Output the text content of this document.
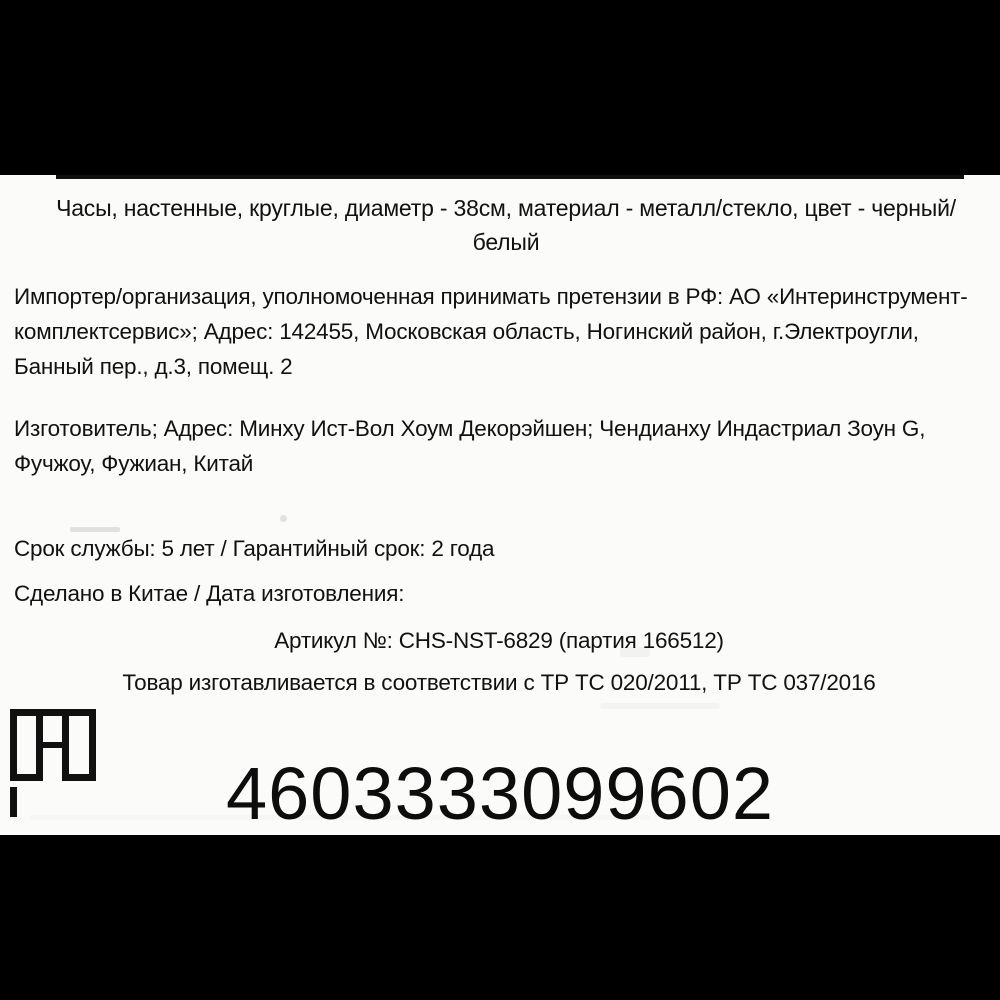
Часы, настенные, круглые, диаметр - 38см, материал - металл/стекло, цвет - черный/белый
Импортер/организация, уполномоченная принимать претензии в РФ: АО «Интеринструмент-комплектсервис»; Адрес: 142455, Московская область, Ногинский район, г.Электроугли, Банный пер., д.3, помещ. 2
Изготовитель; Адрес: Минху Ист-Вол Хоум Декорэйшен; Чендианху Индастриал Зоун G, Фучжоу, Фужиан, Китай
Срок службы: 5 лет / Гарантийный срок: 2 года
Сделано в Китае / Дата изготовления:
Артикул №: CHS-NST-6829 (партия 166512)
Товар изготавливается в соответствии с ТР ТС 020/2011, ТР ТС 037/2016
4603333099602
